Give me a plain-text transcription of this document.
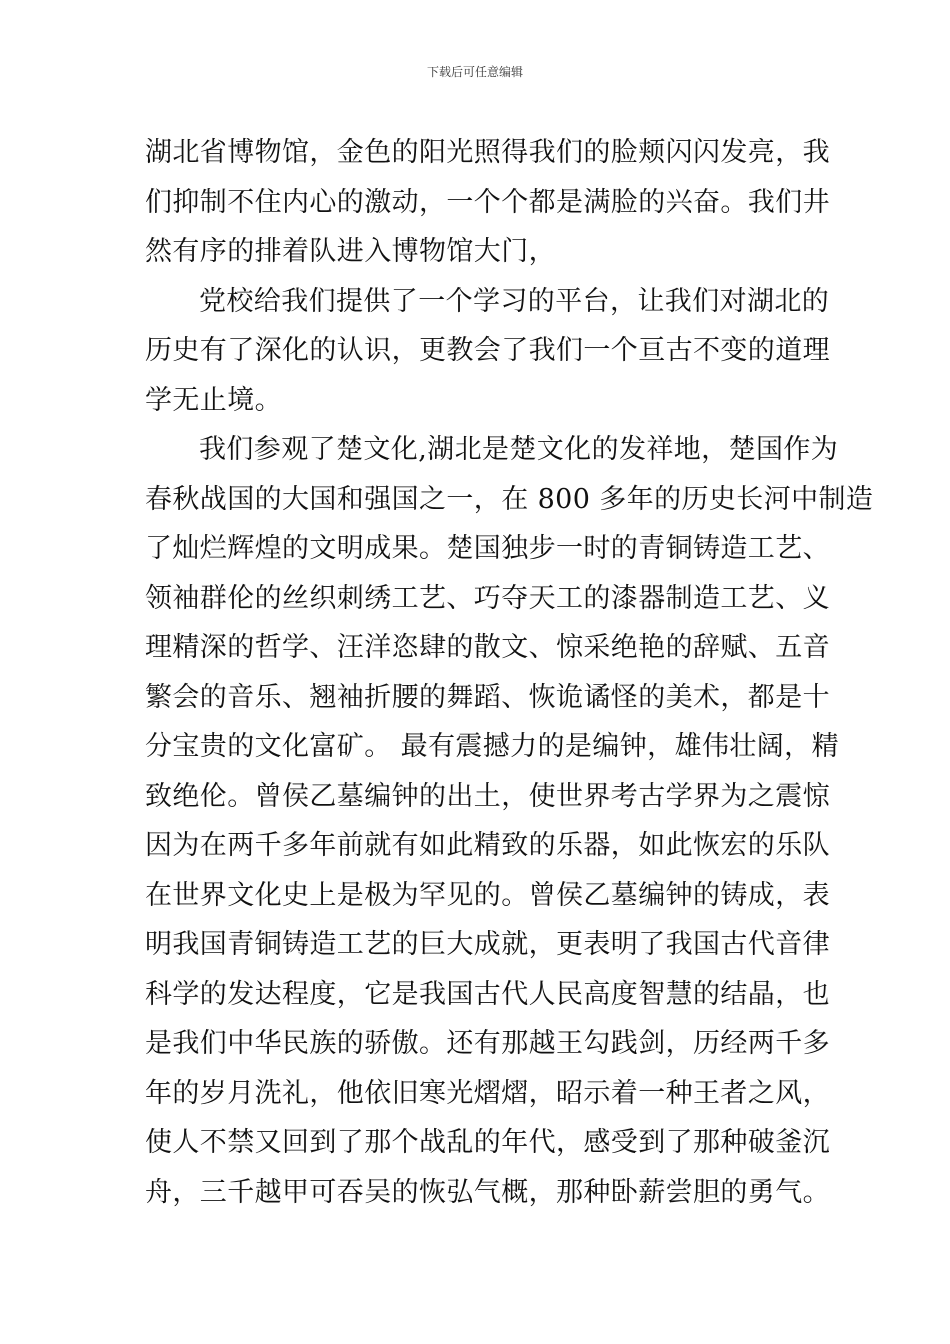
下载后可任意编辑
湖北省博物馆，金色的阳光照得我们的脸颊闪闪发亮，我
们抑制不住内心的激动，一个个都是满脸的兴奋。我们井
然有序的排着队进入博物馆大门，
党校给我们提供了一个学习的平台，让我们对湖北的
历史有了深化的认识，更教会了我们一个亘古不变的道理
学无止境。
我们参观了楚文化,湖北是楚文化的发祥地，楚国作为
春秋战国的大国和强国之一，在 800 多年的历史长河中制造
了灿烂辉煌的文明成果。楚国独步一时的青铜铸造工艺、
领袖群伦的丝织刺绣工艺、巧夺天工的漆器制造工艺、义
理精深的哲学、汪洋恣肆的散文、惊采绝艳的辞赋、五音
繁会的音乐、翘袖折腰的舞蹈、恢诡谲怪的美术，都是十
分宝贵的文化富矿。 最有震撼力的是编钟，雄伟壮阔，精
致绝伦。曾侯乙墓编钟的出土，使世界考古学界为之震惊
因为在两千多年前就有如此精致的乐器，如此恢宏的乐队
在世界文化史上是极为罕见的。曾侯乙墓编钟的铸成，表
明我国青铜铸造工艺的巨大成就，更表明了我国古代音律
科学的发达程度，它是我国古代人民高度智慧的结晶，也
是我们中华民族的骄傲。还有那越王勾践剑，历经两千多
年的岁月洗礼，他依旧寒光熠熠，昭示着一种王者之风，
使人不禁又回到了那个战乱的年代，感受到了那种破釜沉
舟，三千越甲可吞吴的恢弘气概，那种卧薪尝胆的勇气。
